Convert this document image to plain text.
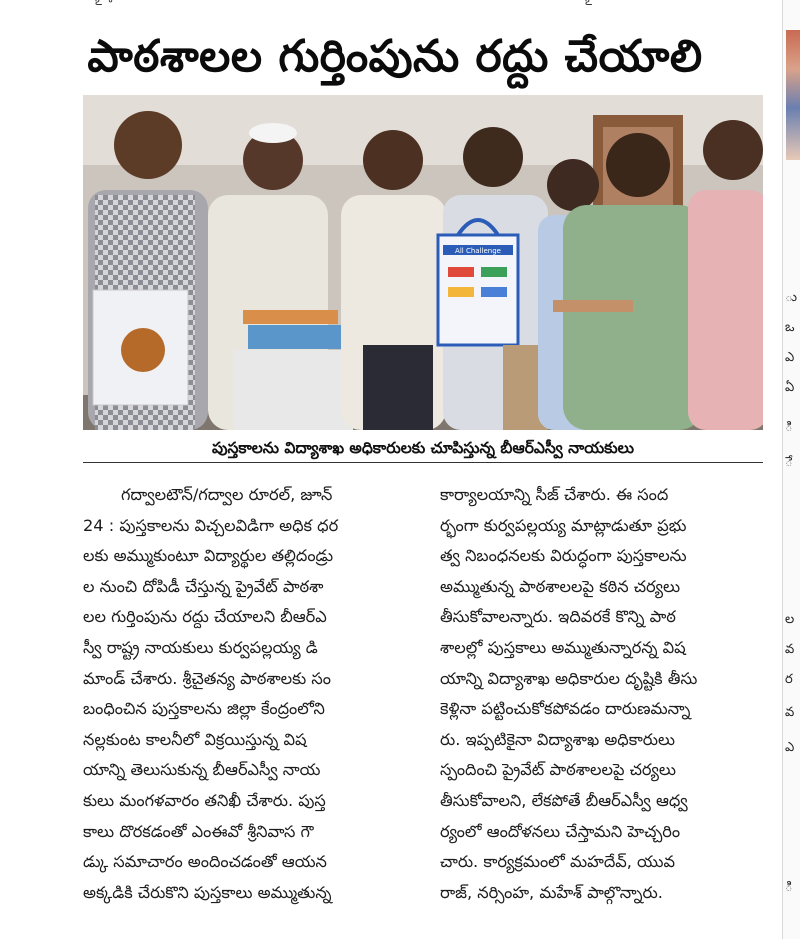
ఽ  ా	ఽ
ు
ఒ
ఎ
ఏ
ి
ే
ల
వ
ర
వ
ఎ
ి
పాఠశాలల గుర్తింపును రద్దు చేయాలి
All Challenge
పుస్తకాలను విద్యాశాఖ అధికారులకు చూపిస్తున్న బీఆర్ఎస్వీ నాయకులు
గద్వాలటౌన్/గద్వాల రూరల్, జూన్
24 : పుస్తకాలను విచ్చలవిడిగా అధిక ధర
లకు అమ్ముకుంటూ విద్యార్థుల తల్లిదండ్రు
ల నుంచి దోపిడీ చేస్తున్న ప్రైవేట్ పాఠశా
లల గుర్తింపును రద్దు చేయాలని బీఆర్ఎ
స్వీ రాష్ట్ర నాయకులు కుర్వపల్లయ్య డి
మాండ్ చేశారు. శ్రీచైతన్య పాఠశాలకు సం
బంధించిన పుస్తకాలను జిల్లా కేంద్రంలోని
నల్లకుంట కాలనీలో విక్రయిస్తున్న విష
యాన్ని తెలుసుకున్న బీఆర్ఎస్వీ నాయ
కులు మంగళవారం తనిఖీ చేశారు. పుస్త
కాలు దొరకడంతో ఎంఈవో శ్రీనివాస గౌ
డ్కు సమాచారం అందించడంతో ఆయన
అక్కడికి చేరుకొని పుస్తకాలు అమ్ముతున్న
కార్యాలయాన్ని సీజ్ చేశారు. ఈ సంద
ర్భంగా కుర్వపల్లయ్య మాట్లాడుతూ ప్రభు
త్వ నిబంధనలకు విరుద్ధంగా పుస్తకాలను
అమ్ముతున్న పాఠశాలలపై కఠిన చర్యలు
తీసుకోవాలన్నారు. ఇదివరకే కొన్ని పాఠ
శాలల్లో పుస్తకాలు అమ్ముతున్నారన్న విష
యాన్ని విద్యాశాఖ అధికారుల దృష్టికి తీసు
కెళ్లినా పట్టించుకోకపోవడం దారుణమన్నా
రు. ఇప్పటికైనా విద్యాశాఖ అధికారులు
స్పందించి ప్రైవేట్ పాఠశాలలపై చర్యలు
తీసుకోవాలని, లేకపోతే బీఆర్ఎస్వీ ఆధ్వ
ర్యంలో ఆందోళనలు చేస్తామని హెచ్చరిం
చారు. కార్యక్రమంలో మహదేవ్, యువ
రాజ్, నర్సింహ, మహేశ్ పాల్గొన్నారు.
